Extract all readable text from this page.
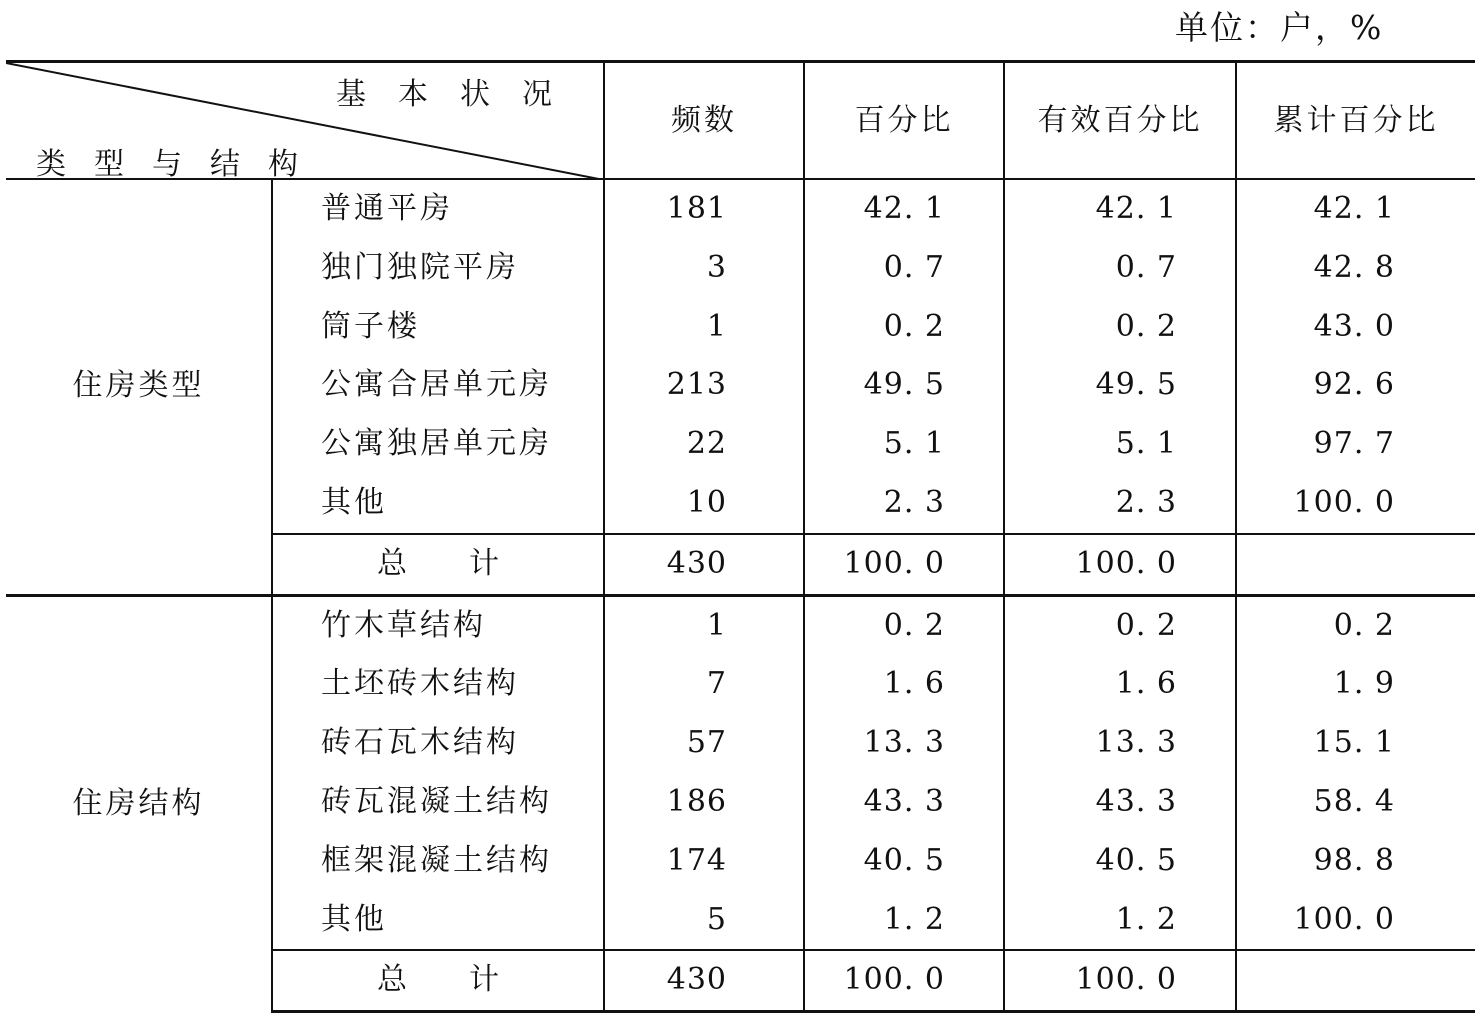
单位：户，%
基本状况
类型与结构		频数	百分比	有效百分比	累计百分比
住房类型	普通平房	181	42. 1	42. 1	42. 1
	独门独院平房	3	0. 7	0. 7	42. 8
	筒子楼	1	0. 2	0. 2	43. 0
	公寓合居单元房	213	49. 5	49. 5	92. 6
	公寓独居单元房	22	5. 1	5. 1	97. 7
	其他	10	2. 3	2. 3	100. 0
	总 计	430	100. 0	100. 0	
住房结构	竹木草结构	1	0. 2	0. 2	0. 2
	土坯砖木结构	7	1. 6	1. 6	1. 9
	砖石瓦木结构	57	13. 3	13. 3	15. 1
	砖瓦混凝土结构	186	43. 3	43. 3	58. 4
	框架混凝土结构	174	40. 5	40. 5	98. 8
	其他	5	1. 2	1. 2	100. 0
	总 计	430	100. 0	100. 0	
